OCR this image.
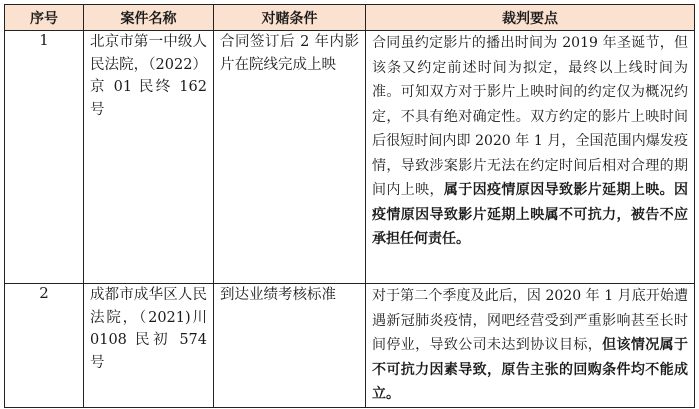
序号	案件名称	对赌条件	裁判要点
1	北京市第一中级人民法院，（2022）京 01 民终 162 号	合同签订后 2 年内影片在院线完成上映	合同虽约定影片的播出时间为 2019 年圣诞节，但该条又约定前述时间为拟定，最终以上线时间为准。可知双方对于影片上映时间的约定仅为概况约定，不具有绝对确定性。双方约定的影片上映时间后很短时间内即 2020 年 1 月，全国范围内爆发疫情，导致涉案影片无法在约定时间后相对合理的期间内上映，属于因疫情原因导致影片延期上映。因疫情原因导致影片延期上映属不可抗力，被告不应承担任何责任。
2	成都市成华区人民法院，（2021)川 0108 民初 574 号	到达业绩考核标准	对于第二个季度及此后，因 2020 年 1 月底开始遭遇新冠肺炎疫情，网吧经营受到严重影响甚至长时间停业，导致公司未达到协议目标，但该情况属于不可抗力因素导致，原告主张的回购条件均不能成立。
